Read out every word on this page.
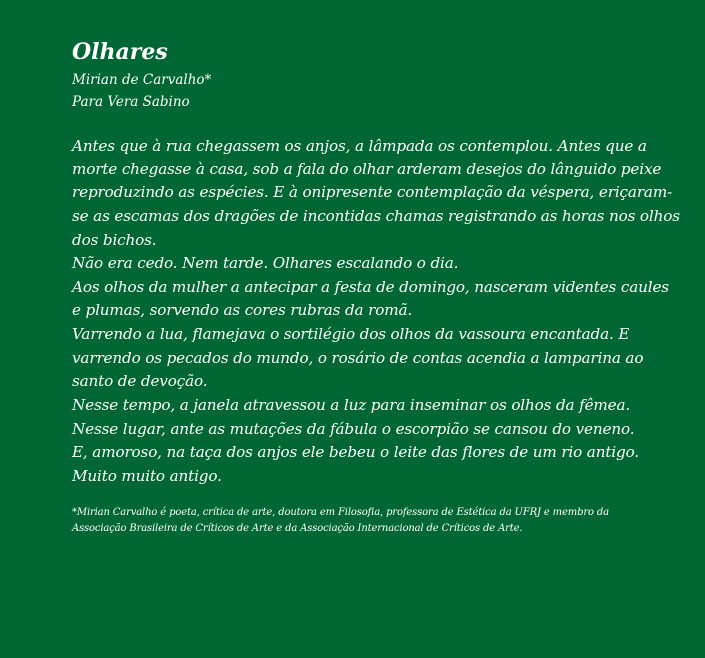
Olhares
Mirian de Carvalho*
Para Vera Sabino
Antes que à rua chegassem os anjos, a lâmpada os contemplou. Antes que a
morte chegasse à casa, sob a fala do olhar arderam desejos do lânguido peixe
reproduzindo as espécies. E à onipresente contemplação da véspera, eriçaram-
se as escamas dos dragões de incontidas chamas registrando as horas nos olhos
dos bichos.
Não era cedo. Nem tarde. Olhares escalando o dia.
Aos olhos da mulher a antecipar a festa de domingo, nasceram videntes caules
e plumas, sorvendo as cores rubras da romã.
Varrendo a lua, flamejava o sortilégio dos olhos da vassoura encantada. E
varrendo os pecados do mundo, o rosário de contas acendia a lamparina ao
santo de devoção.
Nesse tempo, a janela atravessou a luz para inseminar os olhos da fêmea.
Nesse lugar, ante as mutações da fábula o escorpião se cansou do veneno.
E, amoroso, na taça dos anjos ele bebeu o leite das flores de um rio antigo.
Muito muito antigo.
*Mirian Carvalho é poeta, crítica de arte, doutora em Filosofia, professora de Estética da UFRJ e membro da
Associação Brasileira de Críticos de Arte e da Associação Internacional de Críticos de Arte.
